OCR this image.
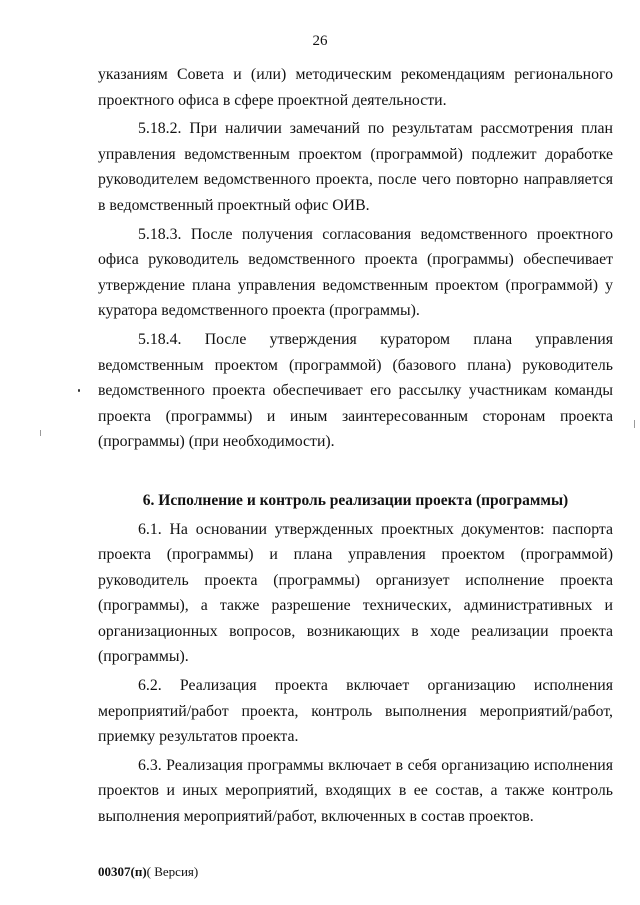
26

указаниям Совета и (или) методическим рекомендациям регионального проектного офиса в сфере проектной деятельности.

5.18.2. При наличии замечаний по результатам рассмотрения план управления ведомственным проектом (программой) подлежит доработке руководителем ведомственного проекта, после чего повторно направляется в ведомственный проектный офис ОИВ.

5.18.3. После получения согласования ведомственного проектного офиса руководитель ведомственного проекта (программы) обеспечивает утверждение плана управления ведомственным проектом (программой) у куратора ведомственного проекта (программы).

5.18.4. После утверждения куратором плана управления ведомственным проектом (программой) (базового плана) руководитель ведомственного проекта обеспечивает его рассылку участникам команды проекта (программы) и иным заинтересованным сторонам проекта (программы) (при необходимости).

6. Исполнение и контроль реализации проекта (программы)

6.1. На основании утвержденных проектных документов: паспорта проекта (программы) и плана управления проектом (программой) руководитель проекта (программы) организует исполнение проекта (программы), а также разрешение технических, административных и организационных вопросов, возникающих в ходе реализации проекта (программы).

6.2. Реализация проекта включает организацию исполнения мероприятий/работ проекта, контроль выполнения мероприятий/работ, приемку результатов проекта.

6.3. Реализация программы включает в себя организацию исполнения проектов и иных мероприятий, входящих в ее состав, а также контроль выполнения мероприятий/работ, включенных в состав проектов.

00307(п)( Версия)
